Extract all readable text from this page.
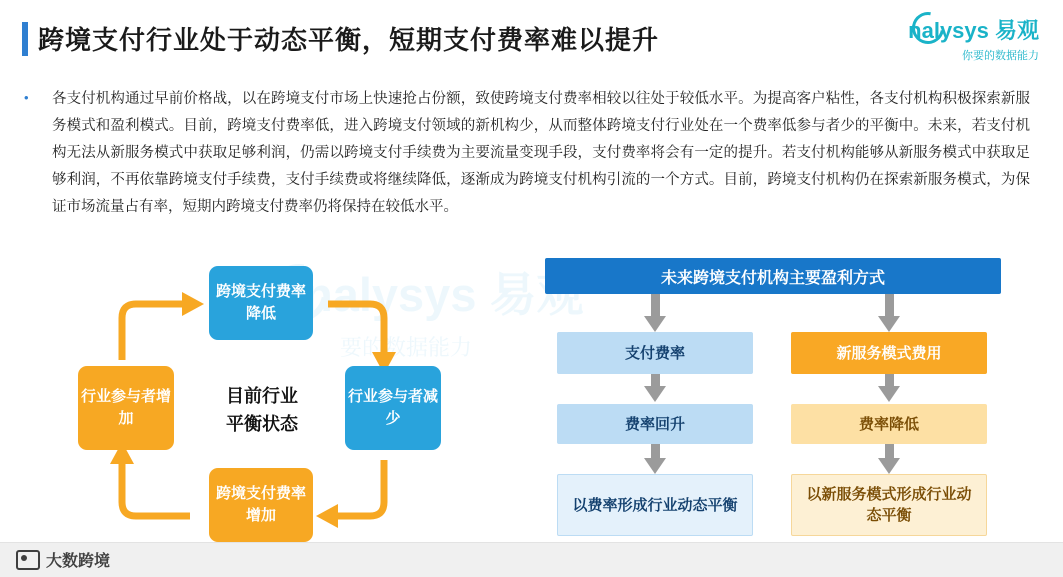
跨境支付行业处于动态平衡，短期支付费率难以提升	nalysys 易观
你要的数据能力
• 各支付机构通过早前价格战，以在跨境支付市场上快速抢占份额，致使跨境支付费率相较以往处于较低水平。为提高客户粘性，各支付机构积极探索新服务模式和盈利模式。目前，跨境支付费率低，进入跨境支付领域的新机构少，从而整体跨境支付行业处在一个费率低参与者少的平衡中。未来，若支付机构无法从新服务模式中获取足够利润，仍需以跨境支付手续费为主要流量变现手段，支付费率将会有一定的提升。若支付机构能够从新服务模式中获取足够利润，不再依靠跨境支付手续费，支付手续费或将继续降低，逐渐成为跨境支付机构引流的一个方式。目前，跨境支付机构仍在探索新服务模式，为保证市场流量占有率，短期内跨境支付费率仍将保持在较低水平。
nalysys 易观
要的数据能力
跨境支付费率降低
行业参与者减少
跨境支付费率增加
行业参与者增加
目前行业
平衡状态
未来跨境支付机构主要盈利方式
支付费率
费率回升
以费率形成行业动态平衡
新服务模式费用
费率降低
以新服务模式形成行业动态平衡
大数跨境
